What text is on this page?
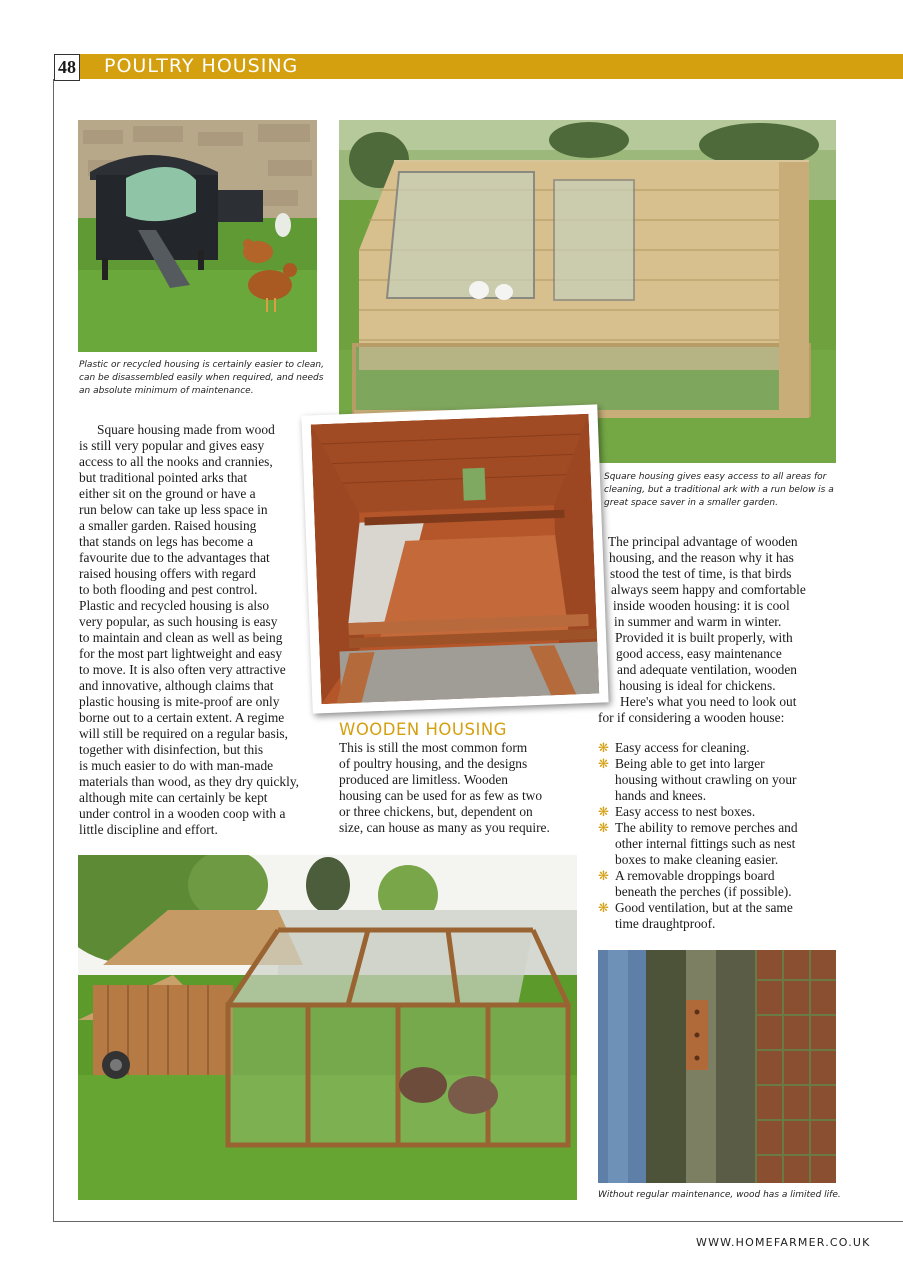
48 POULTRY HOUSING
Plastic or recycled housing is certainly easier to clean,
can be disassembled easily when required, and needs
an absolute minimum of maintenance.
Square housing gives easy access to all areas for
cleaning, but a traditional ark with a run below is a
great space saver in a smaller garden.
Square housing made from wood
is still very popular and gives easy
access to all the nooks and crannies,
but traditional pointed arks that
either sit on the ground or have a
run below can take up less space in
a smaller garden. Raised housing
that stands on legs has become a
favourite due to the advantages that
raised housing offers with regard
to both flooding and pest control.
Plastic and recycled housing is also
very popular, as such housing is easy
to maintain and clean as well as being
for the most part lightweight and easy
to move. It is also often very attractive
and innovative, although claims that
plastic housing is mite-proof are only
borne out to a certain extent. A regime
will still be required on a regular basis,
together with disinfection, but this
is much easier to do with man-made
materials than wood, as they dry quickly,
although mite can certainly be kept
under control in a wooden coop with a
little discipline and effort.
WOODEN HOUSING
This is still the most common form
of poultry housing, and the designs
produced are limitless. Wooden
housing can be used for as few as two
or three chickens, but, dependent on
size, can house as many as you require.
The principal advantage of wooden
housing, and the reason why it has
stood the test of time, is that birds
always seem happy and comfortable
inside wooden housing: it is cool
in summer and warm in winter.
Provided it is built properly, with
good access, easy maintenance
and adequate ventilation, wooden
housing is ideal for chickens.
Here's what you need to look out
for if considering a wooden house:
❋ Easy access for cleaning.
❋ Being able to get into larger
housing without crawling on your
hands and knees.
❋ Easy access to nest boxes.
❋ The ability to remove perches and
other internal fittings such as nest
boxes to make cleaning easier.
❋ A removable droppings board
beneath the perches (if possible).
❋ Good ventilation, but at the same
time draughtproof.
Without regular maintenance, wood has a limited life.
WWW.HOMEFARMER.CO.UK
